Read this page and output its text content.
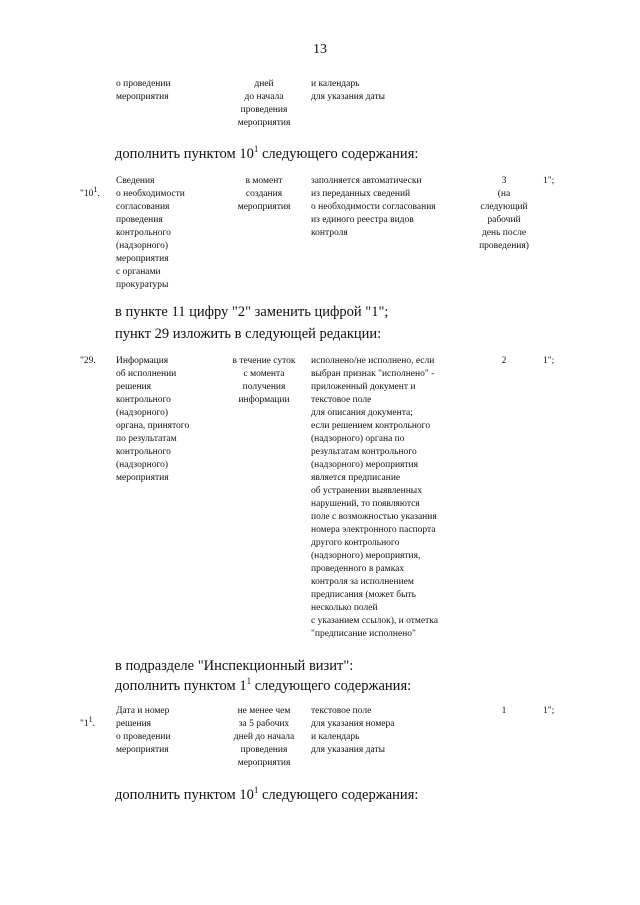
13
о проведении
мероприятия
дней
до начала
проведения
мероприятия
и календарь
для указания даты
дополнить пунктом $10^1$ следующего содержания:

"$10^1$.

Сведения
о необходимости
согласования
проведения
контрольного
(надзорного)
мероприятия
с органами
прокуратуры
в момент
создания
мероприятия
заполняется автоматически
из переданных сведений
о необходимости согласования
из единого реестра видов
контроля
3
(на
следующий
рабочий
день после
проведения)
1";
в пункте 11 цифру "2" заменить цифрой "1";
пункт 29 изложить в следующей редакции:
"29.	Информация
об исполнении
решения
контрольного
(надзорного)
органа, принятого
по результатам
контрольного
(надзорного)
мероприятия
в течение суток
с момента
получения
информации
исполнено/не исполнено, если
выбран признак "исполнено" -
приложенный документ и
текстовое поле
для описания документа;
если решением контрольного
(надзорного) органа по
результатам контрольного
(надзорного) мероприятия
является предписание
об устранении выявленных
нарушений, то появляются
поле с возможностью указания
номера электронного паспорта
другого контрольного
(надзорного) мероприятия,
проведенного в рамках
контроля за исполнением
предписания (может быть
несколько полей
с указанием ссылок), и отметка
"предписание исполнено"
2	1";
в подразделе "Инспекционный визит":
дополнить пунктом $1^1$ следующего содержания:

"$1^1$.

Дата и номер
решения
о проведении
мероприятия
не менее чем
за 5 рабочих
дней до начала
проведения
мероприятия
текстовое поле
для указания номера
и календарь
для указания даты
1	1";
дополнить пунктом $10^1$ следующего содержания:
